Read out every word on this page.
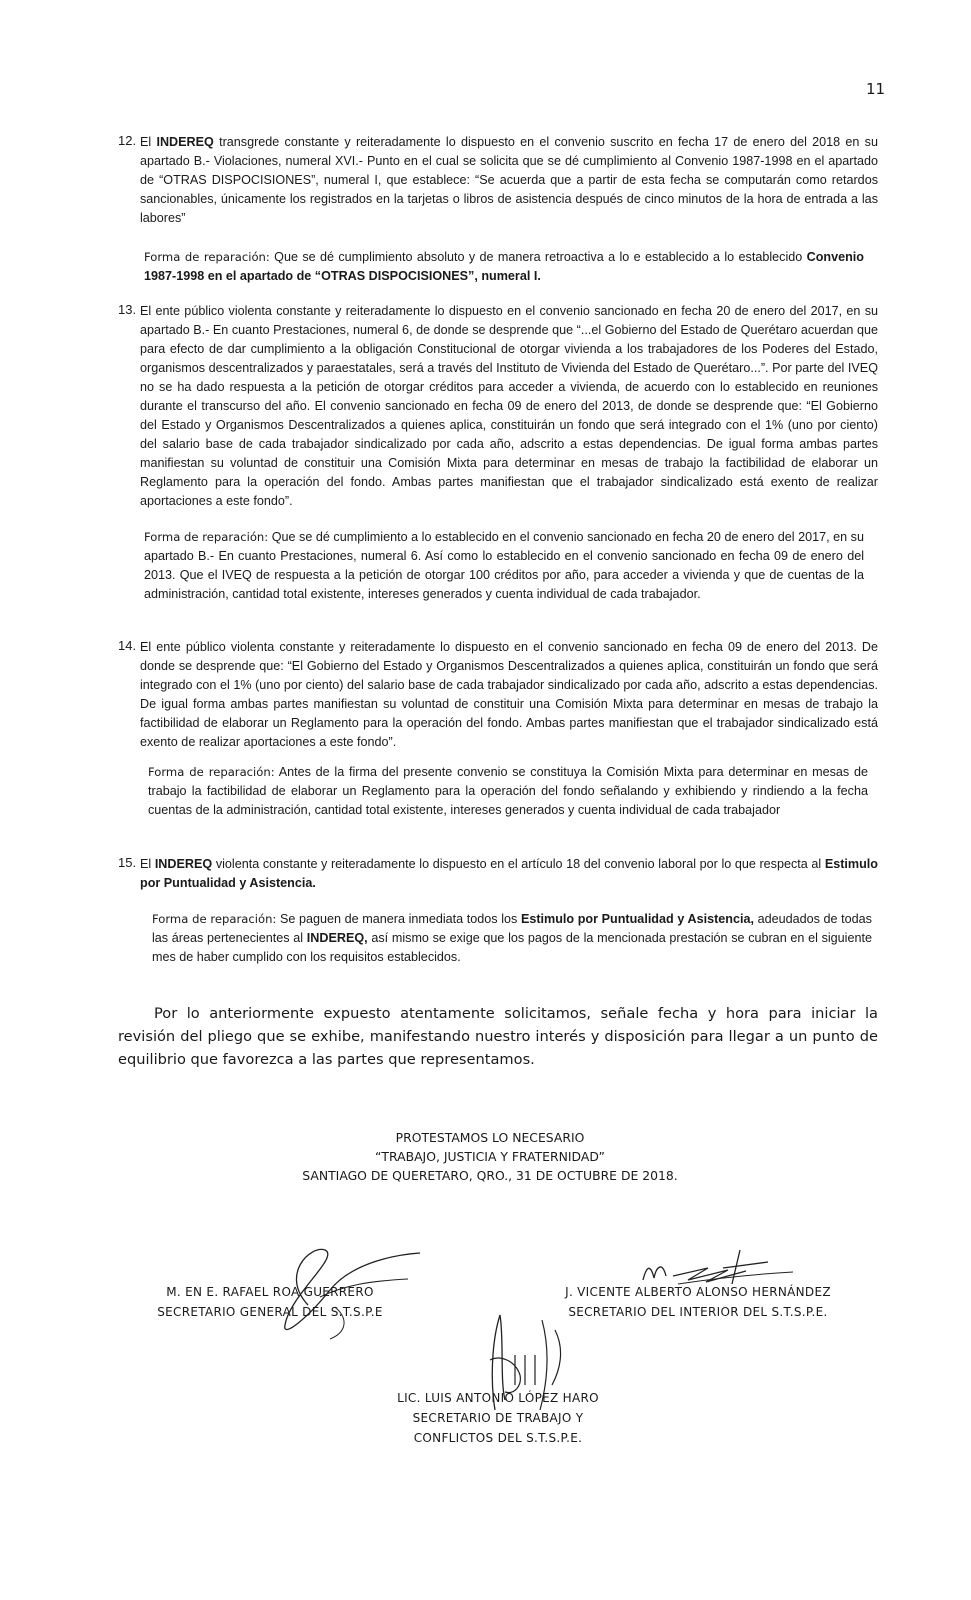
11
12. El INDEREQ transgrede constante y reiteradamente lo dispuesto en el convenio suscrito en fecha 17 de enero del 2018 en su apartado B.- Violaciones, numeral XVI.- Punto en el cual se solicita que se dé cumplimiento al Convenio 1987-1998 en el apartado de “OTRAS DISPOCISIONES”, numeral I, que establece: “Se acuerda que a partir de esta fecha se computarán como retardos sancionables, únicamente los registrados en la tarjetas o libros de asistencia después de cinco minutos de la hora de entrada a las labores”
Forma de reparación: Que se dé cumplimiento absoluto y de manera retroactiva a lo e establecido a lo establecido Convenio 1987-1998 en el apartado de “OTRAS DISPOCISIONES”, numeral I.
13. El ente público violenta constante y reiteradamente lo dispuesto en el convenio sancionado en fecha 20 de enero del 2017, en su apartado B.- En cuanto Prestaciones, numeral 6, de donde se desprende que “...el Gobierno del Estado de Querétaro acuerdan que para efecto de dar cumplimiento a la obligación Constitucional de otorgar vivienda a los trabajadores de los Poderes del Estado, organismos descentralizados y paraestatales, será a través del Instituto de Vivienda del Estado de Querétaro...”. Por parte del IVEQ no se ha dado respuesta a la petición de otorgar créditos para acceder a vivienda, de acuerdo con lo establecido en reuniones durante el transcurso del año. El convenio sancionado en fecha 09 de enero del 2013, de donde se desprende que: “El Gobierno del Estado y Organismos Descentralizados a quienes aplica, constituirán un fondo que será integrado con el 1% (uno por ciento) del salario base de cada trabajador sindicalizado por cada año, adscrito a estas dependencias. De igual forma ambas partes manifiestan su voluntad de constituir una Comisión Mixta para determinar en mesas de trabajo la factibilidad de elaborar un Reglamento para la operación del fondo. Ambas partes manifiestan que el trabajador sindicalizado está exento de realizar aportaciones a este fondo”.
Forma de reparación: Que se dé cumplimiento a lo establecido en el convenio sancionado en fecha 20 de enero del 2017, en su apartado B.- En cuanto Prestaciones, numeral 6. Así como lo establecido en el convenio sancionado en fecha 09 de enero del 2013. Que el IVEQ de respuesta a la petición de otorgar 100 créditos por año, para acceder a vivienda y que de cuentas de la administración, cantidad total existente, intereses generados y cuenta individual de cada trabajador.
14. El ente público violenta constante y reiteradamente lo dispuesto en el convenio sancionado en fecha 09 de enero del 2013. De donde se desprende que: “El Gobierno del Estado y Organismos Descentralizados a quienes aplica, constituirán un fondo que será integrado con el 1% (uno por ciento) del salario base de cada trabajador sindicalizado por cada año, adscrito a estas dependencias. De igual forma ambas partes manifiestan su voluntad de constituir una Comisión Mixta para determinar en mesas de trabajo la factibilidad de elaborar un Reglamento para la operación del fondo. Ambas partes manifiestan que el trabajador sindicalizado está exento de realizar aportaciones a este fondo”.
Forma de reparación: Antes de la firma del presente convenio se constituya la Comisión Mixta para determinar en mesas de trabajo la factibilidad de elaborar un Reglamento para la operación del fondo señalando y exhibiendo y rindiendo a la fecha cuentas de la administración, cantidad total existente, intereses generados y cuenta individual de cada trabajador
15. El INDEREQ violenta constante y reiteradamente lo dispuesto en el artículo 18 del convenio laboral por lo que respecta al Estimulo por Puntualidad y Asistencia.
Forma de reparación: Se paguen de manera inmediata todos los Estimulo por Puntualidad y Asistencia, adeudados de todas las áreas pertenecientes al INDEREQ, así mismo se exige que los pagos de la mencionada prestación se cubran en el siguiente mes de haber cumplido con los requisitos establecidos.
Por lo anteriormente expuesto atentamente solicitamos, señale fecha y hora para iniciar la revisión del pliego que se exhibe, manifestando nuestro interés y disposición para llegar a un punto de equilibrio que favorezca a las partes que representamos.
PROTESTAMOS LO NECESARIO
“TRABAJO, JUSTICIA Y FRATERNIDAD”
SANTIAGO DE QUERETARO, QRO., 31 DE OCTUBRE DE 2018.
M. EN E. RAFAEL ROA GUERRERO
SECRETARIO GENERAL DEL S.T.S.P.E
J. VICENTE ALBERTO ALONSO HERNÁNDEZ
SECRETARIO DEL INTERIOR DEL S.T.S.P.E.
LIC. LUIS ANTONIO LÓPEZ HARO
SECRETARIO DE TRABAJO Y
CONFLICTOS DEL S.T.S.P.E.
